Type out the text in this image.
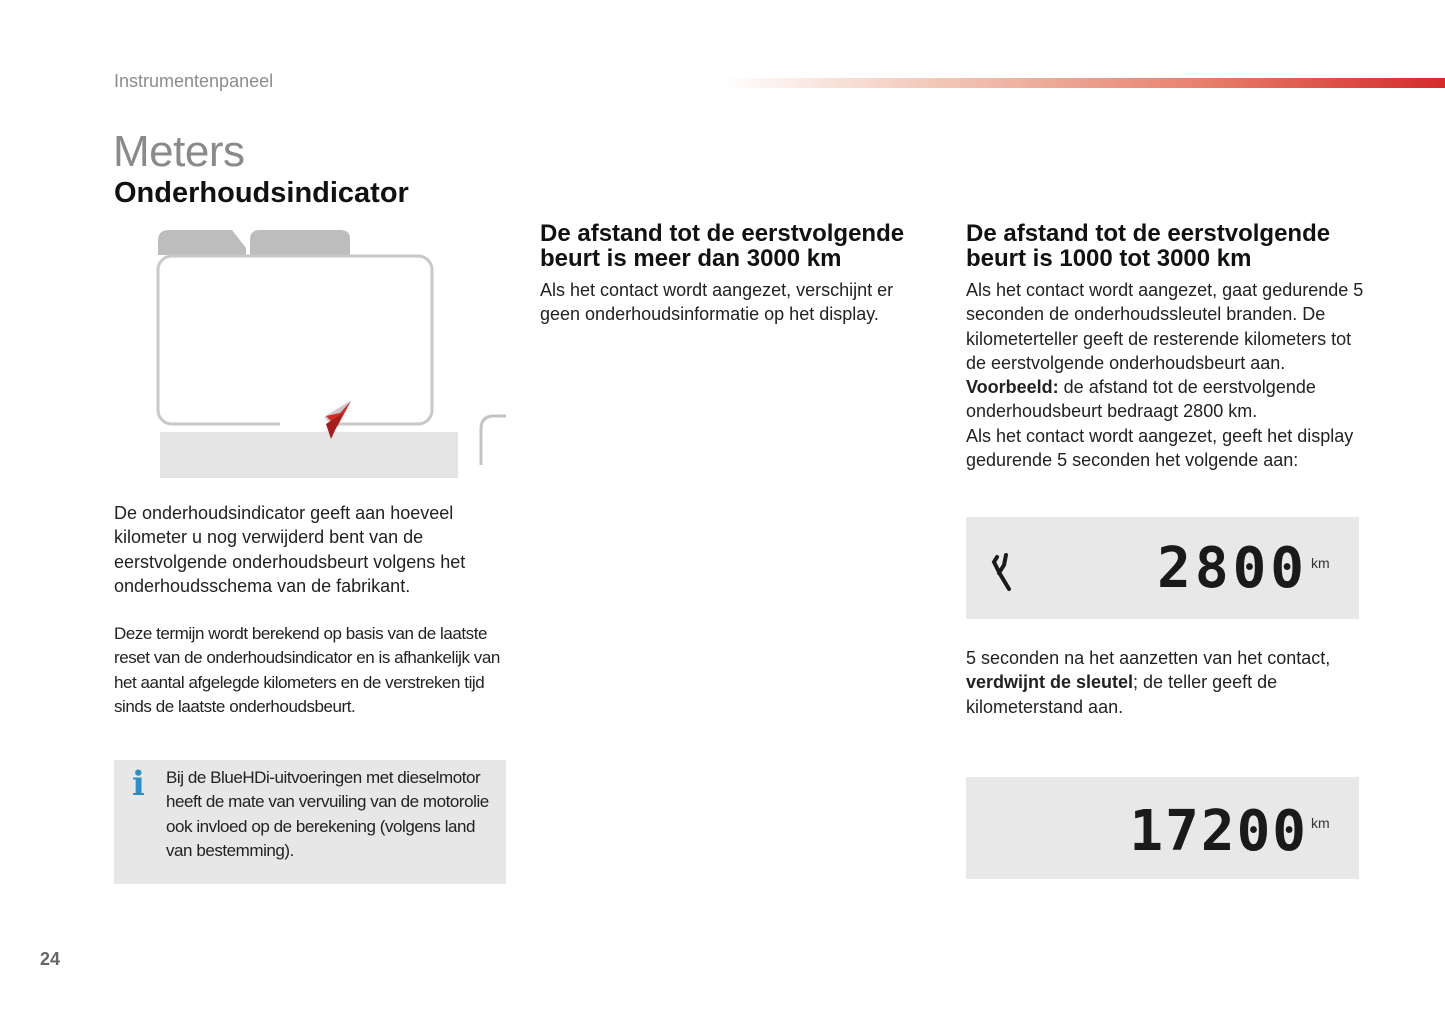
Instrumentenpaneel
Meters
Onderhoudsindicator
De onderhoudsindicator geeft aan hoeveel kilometer u nog verwijderd bent van de eerstvolgende onderhoudsbeurt volgens het onderhoudsschema van de fabrikant.
Deze termijn wordt berekend op basis van de laatste reset van de onderhoudsindicator en is afhankelijk van het aantal afgelegde kilometers en de verstreken tijd sinds de laatste onderhoudsbeurt.
i Bij de BlueHDi-uitvoeringen met dieselmotor heeft de mate van vervuiling van de motorolie ook invloed op de berekening (volgens land van bestemming).
De afstand tot de eerstvolgende beurt is meer dan 3000 km
Als het contact wordt aangezet, verschijnt er geen onderhoudsinformatie op het display.
De afstand tot de eerstvolgende beurt is 1000 tot 3000 km
Als het contact wordt aangezet, gaat gedurende 5 seconden de onderhoudssleutel branden. De kilometerteller geeft de resterende kilometers tot de eerstvolgende onderhoudsbeurt aan.
Voorbeeld: de afstand tot de eerstvolgende onderhoudsbeurt bedraagt 2800 km.
Als het contact wordt aangezet, geeft het display gedurende 5 seconden het volgende aan:
2800 km
5 seconden na het aanzetten van het contact, verdwijnt de sleutel; de teller geeft de kilometerstand aan.
17200 km
24
